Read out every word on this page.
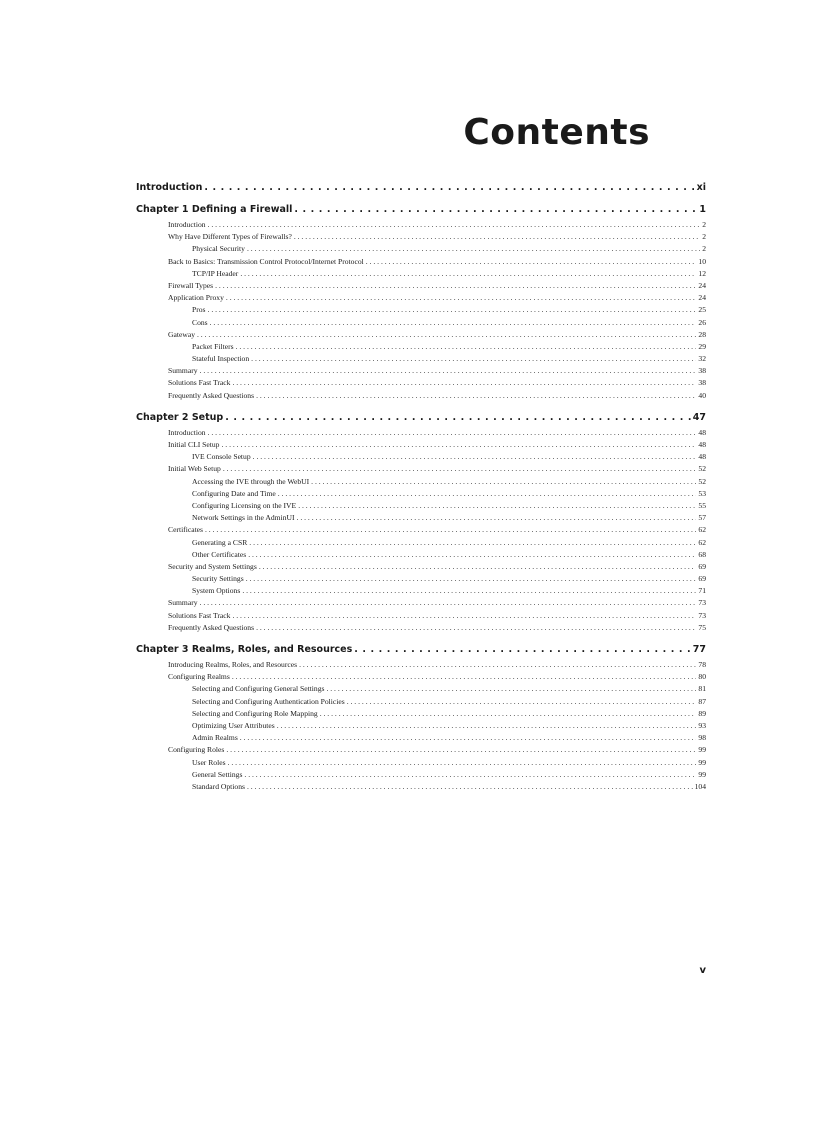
Contents
Introduction . . .	xi
Chapter 1 Defining a Firewall . . .	1
Introduction . . .	2
Why Have Different Types of Firewalls? . . .	2
Physical Security . . .	2
Back to Basics: Transmission Control Protocol/Internet Protocol . . .	10
TCP/IP Header . . .	12
Firewall Types . . .	24
Application Proxy . . .	24
Pros . . .	25
Cons . . .	26
Gateway . . .	28
Packet Filters . . .	29
Stateful Inspection . . .	32
Summary . . .	38
Solutions Fast Track . . .	38
Frequently Asked Questions . . .	40
Chapter 2 Setup . . .	47
Introduction . . .	48
Initial CLI Setup . . .	48
IVE Console Setup . . .	48
Initial Web Setup . . .	52
Accessing the IVE through the WebUI . . .	52
Configuring Date and Time . . .	53
Configuring Licensing on the IVE . . .	55
Network Settings in the AdminUI . . .	57
Certificates . . .	62
Generating a CSR . . .	62
Other Certificates . . .	68
Security and System Settings . . .	69
Security Settings . . .	69
System Options . . .	71
Summary . . .	73
Solutions Fast Track . . .	73
Frequently Asked Questions . . .	75
Chapter 3 Realms, Roles, and Resources . . .	77
Introducing Realms, Roles, and Resources . . .	78
Configuring Realms . . .	80
Selecting and Configuring General Settings . . .	81
Selecting and Configuring Authentication Policies . . .	87
Selecting and Configuring Role Mapping . . .	89
Optimizing User Attributes . . .	93
Admin Realms . . .	98
Configuring Roles . . .	99
User Roles . . .	99
General Settings . . .	99
Standard Options . . .	104
v
